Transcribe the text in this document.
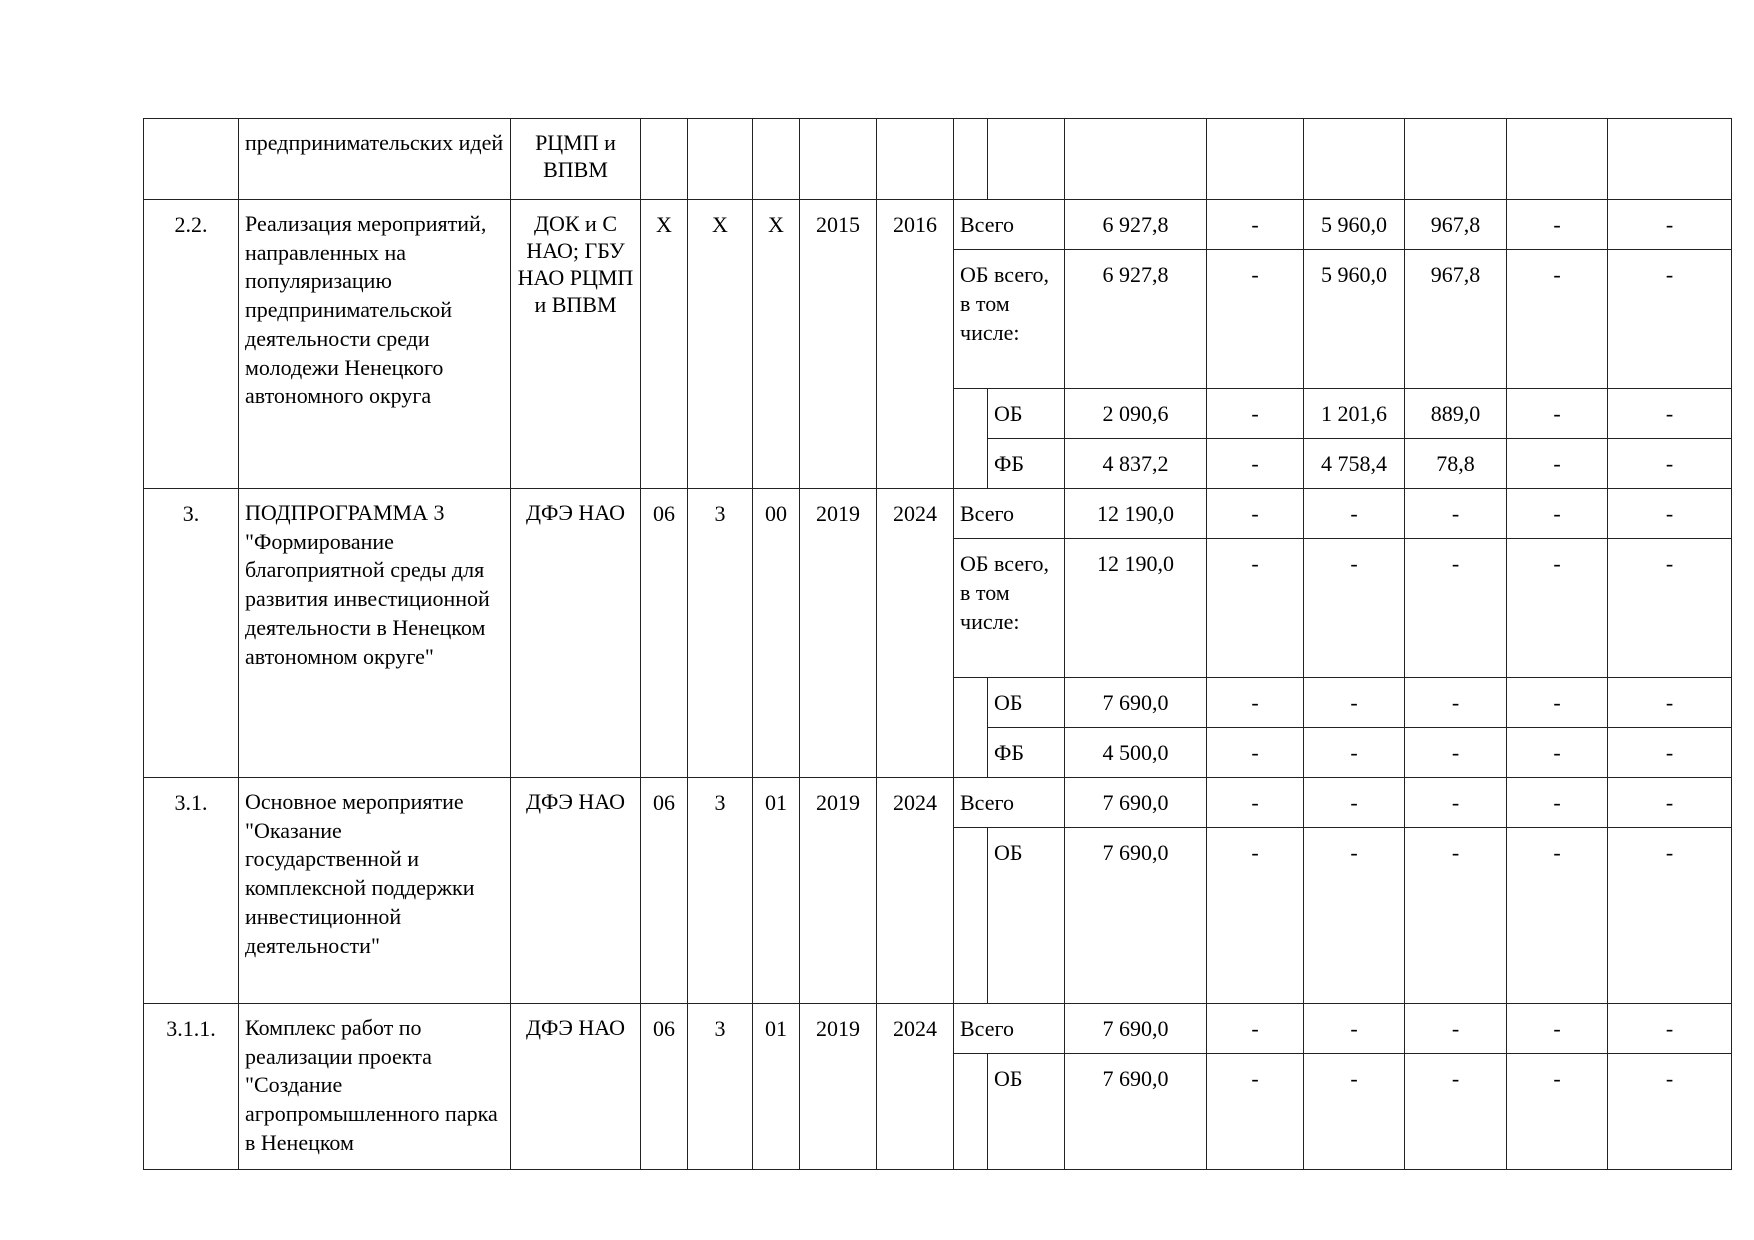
	предпринимательских идей	РЦМП и ВПВМ													
2.2.	Реализация мероприятий, направленных на популяризацию предпринимательской деятельности среди молодежи Ненецкого автономного округа	ДОК и С НАО; ГБУ НАО РЦМП и ВПВМ	X	X	X	2015	2016	Всего		6 927,8	-	5 960,0	967,8	-	-
								ОБ всего, в том числе:		6 927,8	-	5 960,0	967,8	-	-
									ОБ	2 090,6	-	1 201,6	889,0	-	-
									ФБ	4 837,2	-	4 758,4	78,8	-	-
3.	ПОДПРОГРАММА 3 "Формирование благоприятной среды для развития инвестиционной деятельности в Ненецком автономном округе"	ДФЭ НАО	06	3	00	2019	2024	Всего		12 190,0	-	-	-	-	-
								ОБ всего, в том числе:		12 190,0	-	-	-	-	-
									ОБ	7 690,0	-	-	-	-	-
									ФБ	4 500,0	-	-	-	-	-
3.1.	Основное мероприятие "Оказание государственной и комплексной поддержки инвестиционной деятельности"	ДФЭ НАО	06	3	01	2019	2024	Всего		7 690,0	-	-	-	-	-
									ОБ	7 690,0	-	-	-	-	-
3.1.1.	Комплекс работ по реализации проекта "Создание агропромышленного парка в Ненецком	ДФЭ НАО	06	3	01	2019	2024	Всего		7 690,0	-	-	-	-	-
									ОБ	7 690,0	-	-	-	-	-
